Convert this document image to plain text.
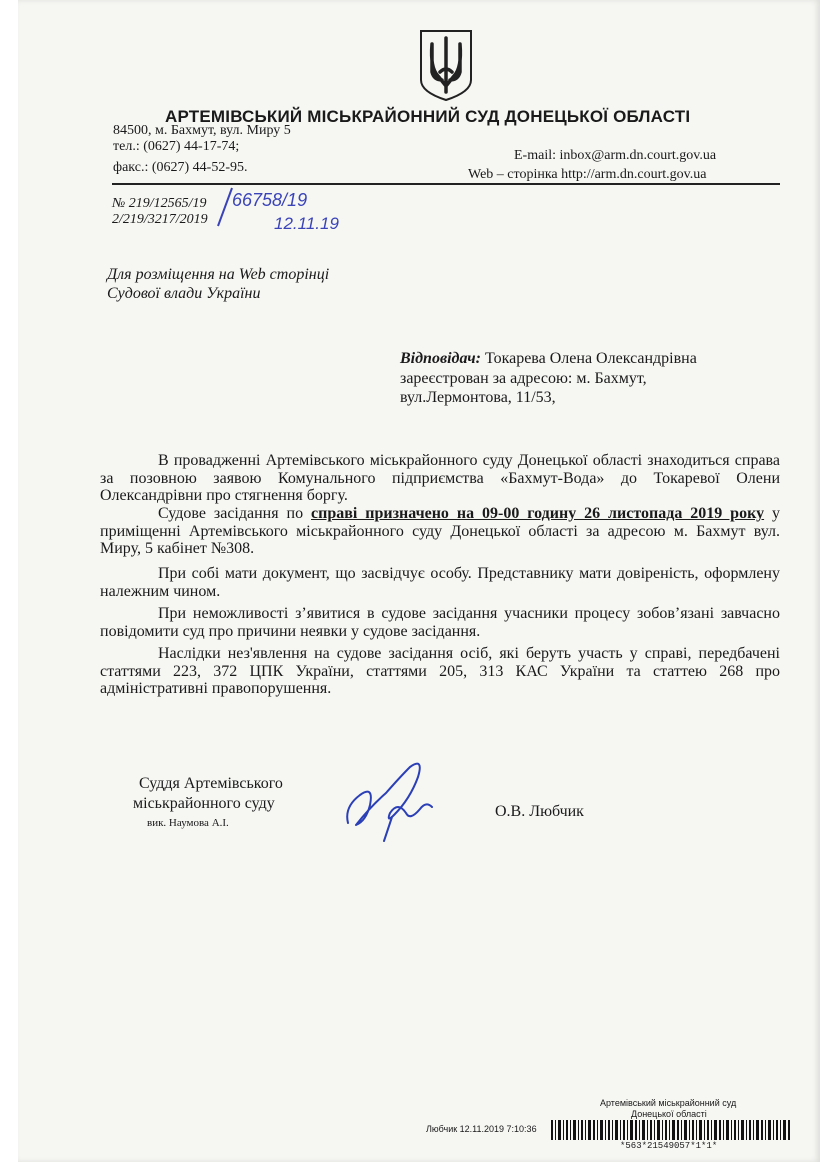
АРТЕМІВСЬКИЙ МІСЬКРАЙОННИЙ СУД ДОНЕЦЬКОЇ ОБЛАСТІ
84500, м. Бахмут, вул. Миру 5
тел.: (0627) 44-17-74;
факс.: (0627) 44-52-95.
E-mail: inbox@arm.dn.court.gov.ua
Web – сторінка http://arm.dn.court.gov.ua
№ 219/12565/19
2/219/3217/2019
66758/19
12.11.19
Для розміщення на Web сторінці
Судової влади України
Відповідач: Токарева Олена Олександрівна
зареєстрован за адресою: м. Бахмут,
вул.Лермонтова, 11/53,
В провадженні Артемівського міськрайонного суду Донецької області знаходиться справа за позовною заявою Комунального підприємства «Бахмут-Вода» до Токаревої Олени Олександрівни про стягнення боргу.
Судове засідання по справі призначено на 09-00 годину 26 листопада 2019 року у приміщенні Артемівського міськрайонного суду Донецької області за адресою м. Бахмут вул. Миру, 5 кабінет №308.
При собі мати документ, що засвідчує особу. Представнику мати довіреність, оформлену належним чином.
При неможливості з’явитися в судове засідання учасники процесу зобов’язані завчасно повідомити суд про причини неявки у судове засідання.
Наслідки нез'явлення на судове засідання осіб, які беруть участь у справі, передбачені статтями 223, 372 ЦПК України, статтями 205, 313 КАС України та статтею 268 про адміністративні правопорушення.
Суддя Артемівського
міськрайонного суду
вик. Наумова А.І.
О.В. Любчик
Артемівський міськрайонний суд
Донецької області
Любчик 12.11.2019 7:10:36
*563*21549057*1*1*
